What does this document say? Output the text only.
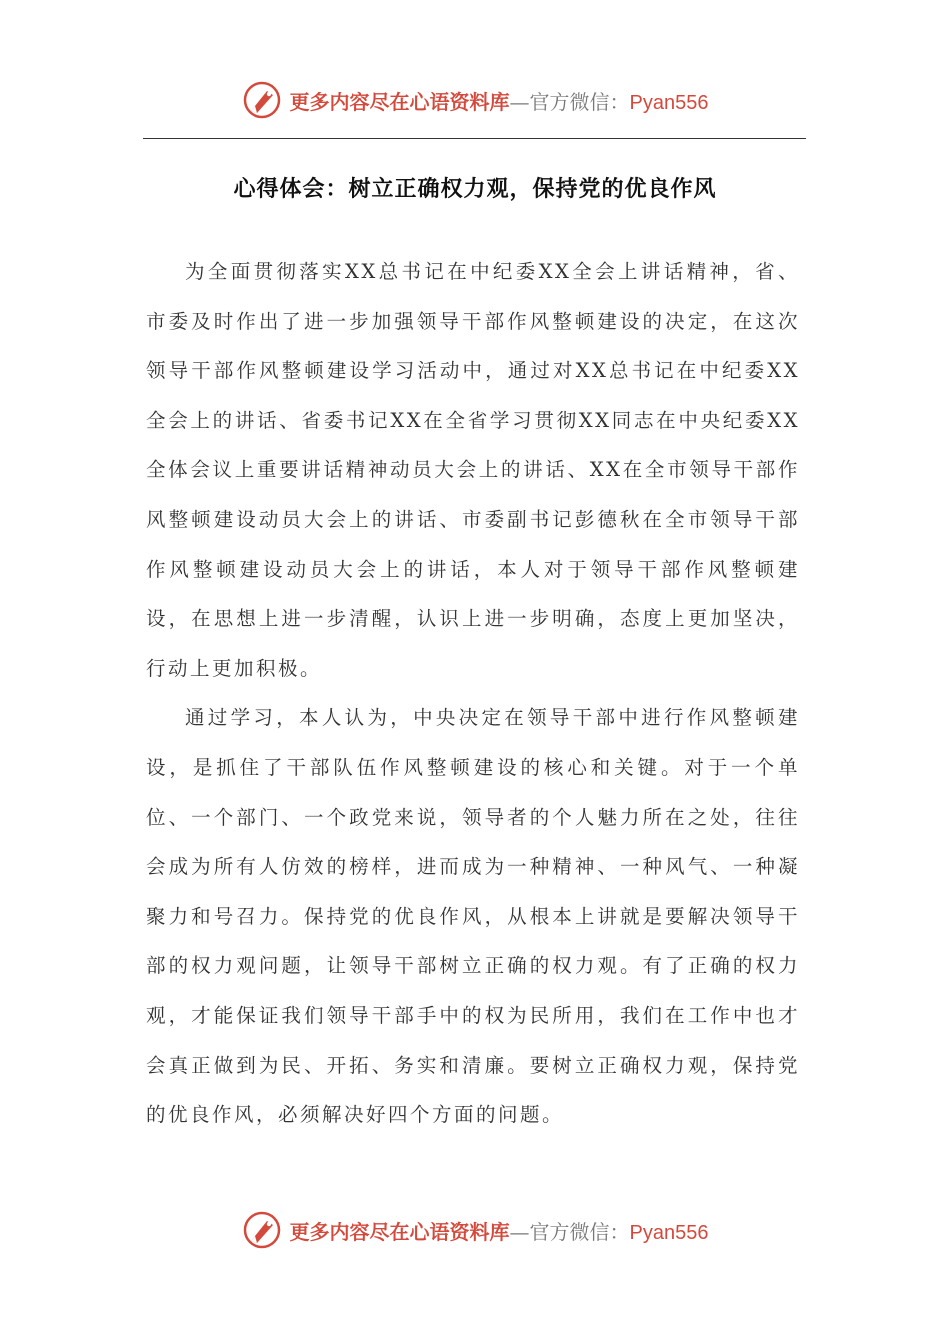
更多内容尽在心语资料库—官方微信：Pyan556
心得体会：树立正确权力观，保持党的优良作风

为全面贯彻落实XX总书记在中纪委XX全会上讲话精神，省、市委及时作出了进一步加强领导干部作风整顿建设的决定，在这次领导干部作风整顿建设学习活动中，通过对XX总书记在中纪委XX全会上的讲话、省委书记XX在全省学习贯彻XX同志在中央纪委XX全体会议上重要讲话精神动员大会上的讲话、XX在全市领导干部作风整顿建设动员大会上的讲话、市委副书记彭德秋在全市领导干部作风整顿建设动员大会上的讲话，本人对于领导干部作风整顿建设，在思想上进一步清醒，认识上进一步明确，态度上更加坚决，行动上更加积极。

通过学习，本人认为，中央决定在领导干部中进行作风整顿建设，是抓住了干部队伍作风整顿建设的核心和关键。对于一个单位、一个部门、一个政党来说，领导者的个人魅力所在之处，往往会成为所有人仿效的榜样，进而成为一种精神、一种风气、一种凝聚力和号召力。保持党的优良作风，从根本上讲就是要解决领导干部的权力观问题，让领导干部树立正确的权力观。有了正确的权力观，才能保证我们领导干部手中的权为民所用，我们在工作中也才会真正做到为民、开拓、务实和清廉。要树立正确权力观，保持党的优良作风，必须解决好四个方面的问题。

更多内容尽在心语资料库—官方微信：Pyan556
